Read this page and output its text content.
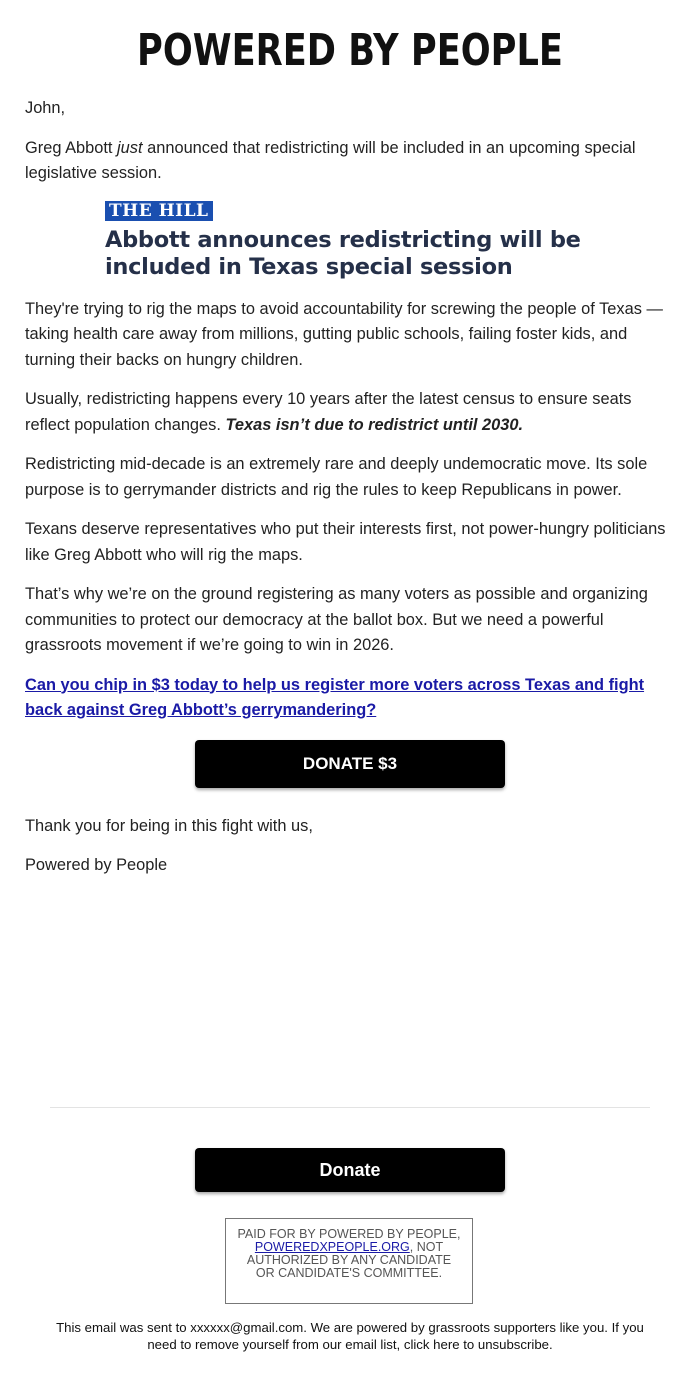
POWERED BY PEOPLE

John,

Greg Abbott just announced that redistricting will be included in an upcoming special legislative session.

THE HILL
Abbott announces redistricting will be included in Texas special session

They're trying to rig the maps to avoid accountability for screwing the people of Texas — taking health care away from millions, gutting public schools, failing foster kids, and turning their backs on hungry children.

Usually, redistricting happens every 10 years after the latest census to ensure seats reflect population changes. Texas isn’t due to redistrict until 2030.

Redistricting mid-decade is an extremely rare and deeply undemocratic move. Its sole purpose is to gerrymander districts and rig the rules to keep Republicans in power.

Texans deserve representatives who put their interests first, not power-hungry politicians like Greg Abbott who will rig the maps.

That’s why we’re on the ground registering as many voters as possible and organizing communities to protect our democracy at the ballot box. But we need a powerful grassroots movement if we’re going to win in 2026.

Can you chip in $3 today to help us register more voters across Texas and fight back against Greg Abbott’s gerrymandering?
DONATE $3

Thank you for being in this fight with us,

Powered by People

Donate
PAID FOR BY POWERED BY PEOPLE, POWEREDXPEOPLE.ORG, NOT AUTHORIZED BY ANY CANDIDATE OR CANDIDATE'S COMMITTEE.
This email was sent to xxxxxx@gmail.com. We are powered by grassroots supporters like you. If you need to remove yourself from our email list, click here to unsubscribe.
